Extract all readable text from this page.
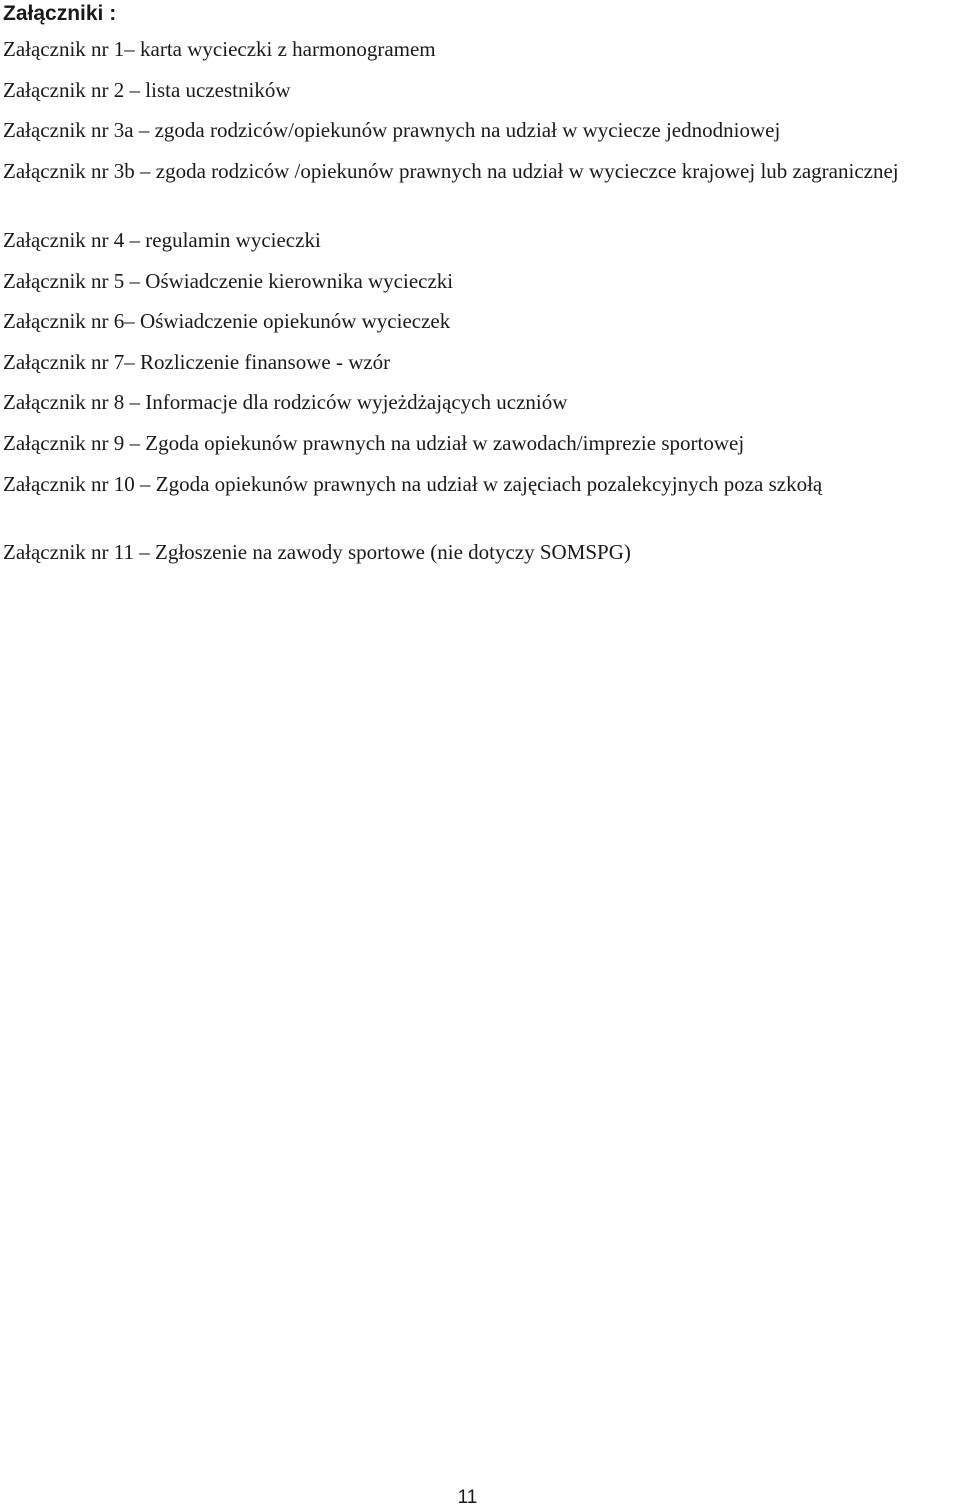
Załączniki :

Załącznik nr 1– karta wycieczki z harmonogramem

Załącznik nr 2 – lista uczestników

Załącznik nr 3a – zgoda rodziców/opiekunów prawnych na udział w wyciecze jednodniowej

Załącznik nr 3b – zgoda rodziców /opiekunów prawnych na udział w wycieczce krajowej lub zagranicznej

Załącznik nr 4 – regulamin wycieczki

Załącznik nr 5 – Oświadczenie kierownika wycieczki

Załącznik nr 6– Oświadczenie opiekunów wycieczek

Załącznik nr 7– Rozliczenie finansowe - wzór

Załącznik nr 8 – Informacje dla rodziców wyjeżdżających uczniów

Załącznik nr 9 – Zgoda opiekunów prawnych na udział w zawodach/imprezie sportowej

Załącznik nr 10 – Zgoda opiekunów prawnych na udział w zajęciach pozalekcyjnych poza szkołą

Załącznik nr 11 – Zgłoszenie na zawody sportowe (nie dotyczy SOMSPG)

11
